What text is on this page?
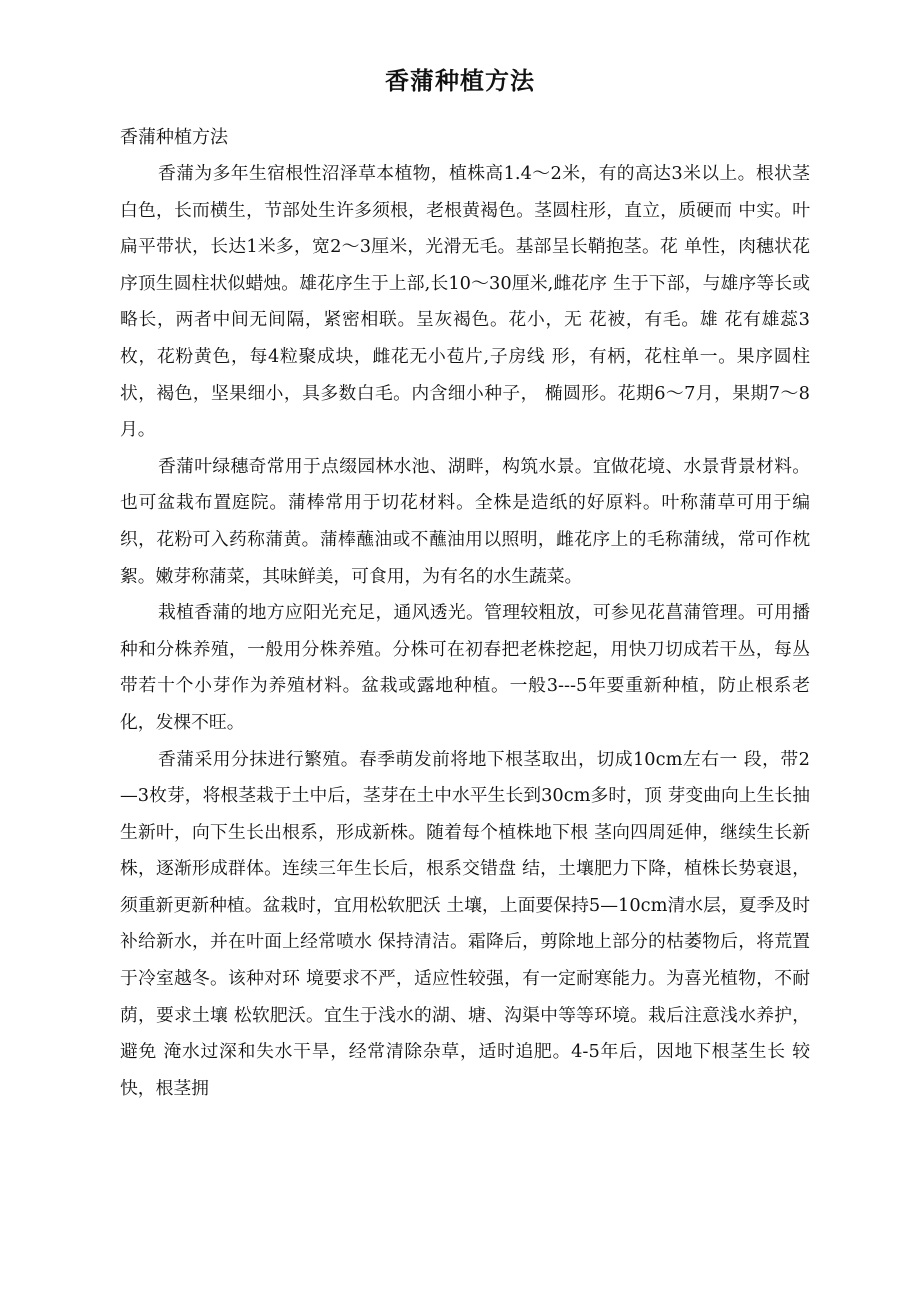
香蒲种植方法

香蒲种植方法

香蒲为多年生宿根性沼泽草本植物，植株高1.4～2米，有的高达3米以上。根状茎白色，长而横生，节部处生许多须根，老根黄褐色。茎圆柱形，直立，质硬而 中实。叶扁平带状，长达1米多，宽2～3厘米，光滑无毛。基部呈长鞘抱茎。花 单性，肉穗状花序顶生圆柱状似蜡烛。雄花序生于上部,长10～30厘米,雌花序 生于下部，与雄序等长或略长，两者中间无间隔，紧密相联。呈灰褐色。花小，无 花被，有毛。雄 花有雄蕊3枚，花粉黄色，每4粒聚成块，雌花无小苞片,子房线 形，有柄，花柱单一。果序圆柱状，褐色，坚果细小，具多数白毛。内含细小种子， 椭圆形。花期6～7月，果期7～8月。

香蒲叶绿穗奇常用于点缀园林水池、湖畔，构筑水景。宜做花境、水景背景材料。也可盆栽布置庭院。蒲棒常用于切花材料。全株是造纸的好原料。叶称蒲草可用于编织，花粉可入药称蒲黄。蒲棒蘸油或不蘸油用以照明，雌花序上的毛称蒲绒，常可作枕絮。嫩芽称蒲菜，其味鲜美，可食用，为有名的水生蔬菜。

栽植香蒲的地方应阳光充足，通风透光。管理较粗放，可参见花菖蒲管理。可用播种和分株养殖，一般用分株养殖。分株可在初春把老株挖起，用快刀切成若干丛，每丛带若十个小芽作为养殖材料。盆栽或露地种植。一般3---5年要重新种植，防止根系老化，发棵不旺。

香蒲采用分抹进行繁殖。春季萌发前将地下根茎取出，切成10cm左右一 段，带2—3枚芽，将根茎栽于土中后，茎芽在土中水平生长到30cm多时，顶 芽变曲向上生长抽生新叶，向下生长出根系，形成新株。随着每个植株地下根 茎向四周延伸，继续生长新株，逐渐形成群体。连续三年生长后，根系交错盘 结，土壤肥力下降，植株长势衰退，须重新更新种植。盆栽时，宜用松软肥沃 土壤，上面要保持5—10cm清水层，夏季及时补给新水，并在叶面上经常喷水 保持清洁。霜降后，剪除地上部分的枯萎物后，将荒置于冷室越冬。该种对环 境要求不严，适应性较强，有一定耐寒能力。为喜光植物，不耐荫，要求土壤 松软肥沃。宜生于浅水的湖、塘、沟渠中等等环境。栽后注意浅水养护，避免 淹水过深和失水干旱，经常清除杂草，适时追肥。4-5年后，因地下根茎生长 较快，根茎拥
